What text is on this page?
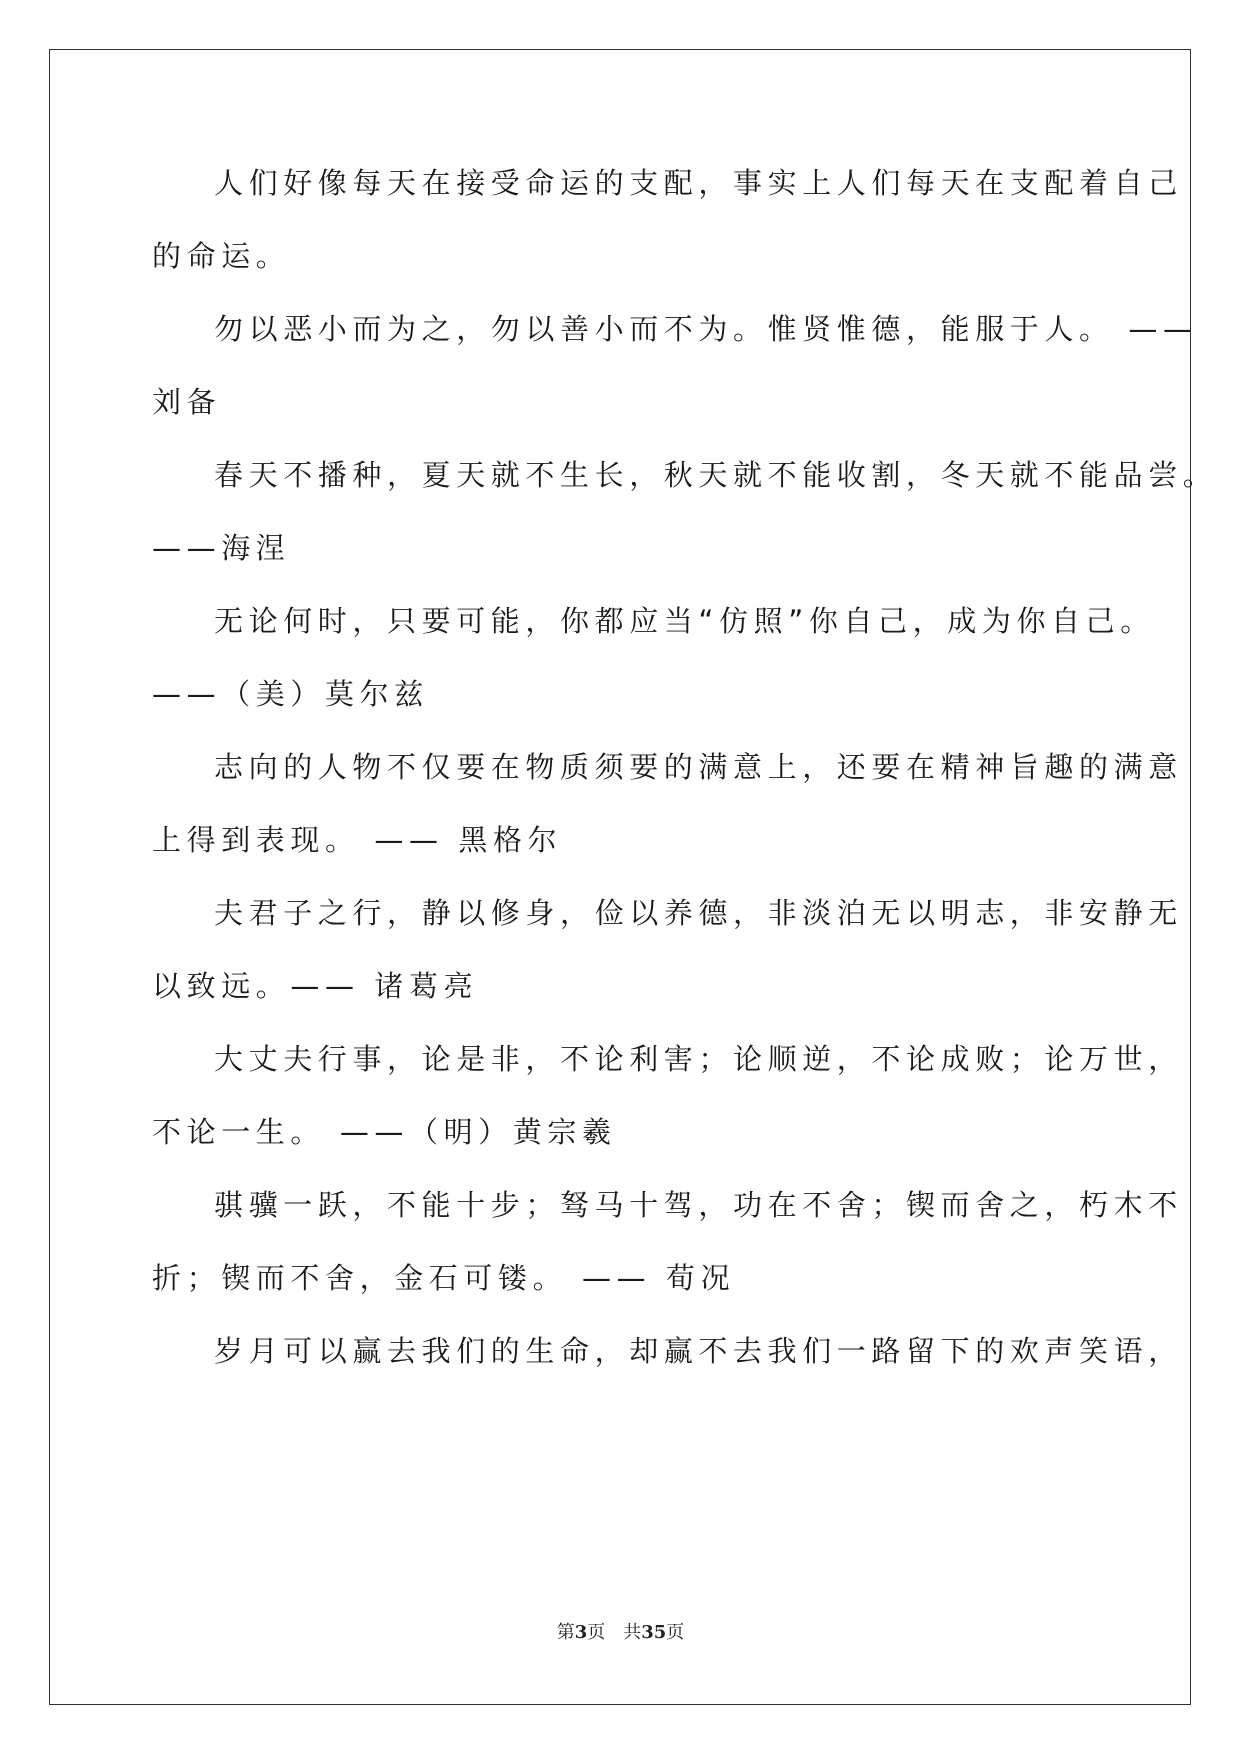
人们好像每天在接受命运的支配，事实上人们每天在支配着自己
的命运。
勿以恶小而为之，勿以善小而不为。惟贤惟德，能服于人。 ——
刘备
春天不播种，夏天就不生长，秋天就不能收割，冬天就不能品尝。
——海涅
无论何时，只要可能，你都应当“仿照”你自己，成为你自己。
——（美）莫尔兹
志向的人物不仅要在物质须要的满意上，还要在精神旨趣的满意
上得到表现。 —— 黑格尔
夫君子之行，静以修身，俭以养德，非淡泊无以明志，非安静无
以致远。—— 诸葛亮
大丈夫行事，论是非，不论利害；论顺逆，不论成败；论万世，
不论一生。 ——（明）黄宗羲
骐骥一跃，不能十步；驽马十驾，功在不舍；锲而舍之，朽木不
折；锲而不舍，金石可镂。 —— 荀况
岁月可以赢去我们的生命，却赢不去我们一路留下的欢声笑语，
第3页 共35页
